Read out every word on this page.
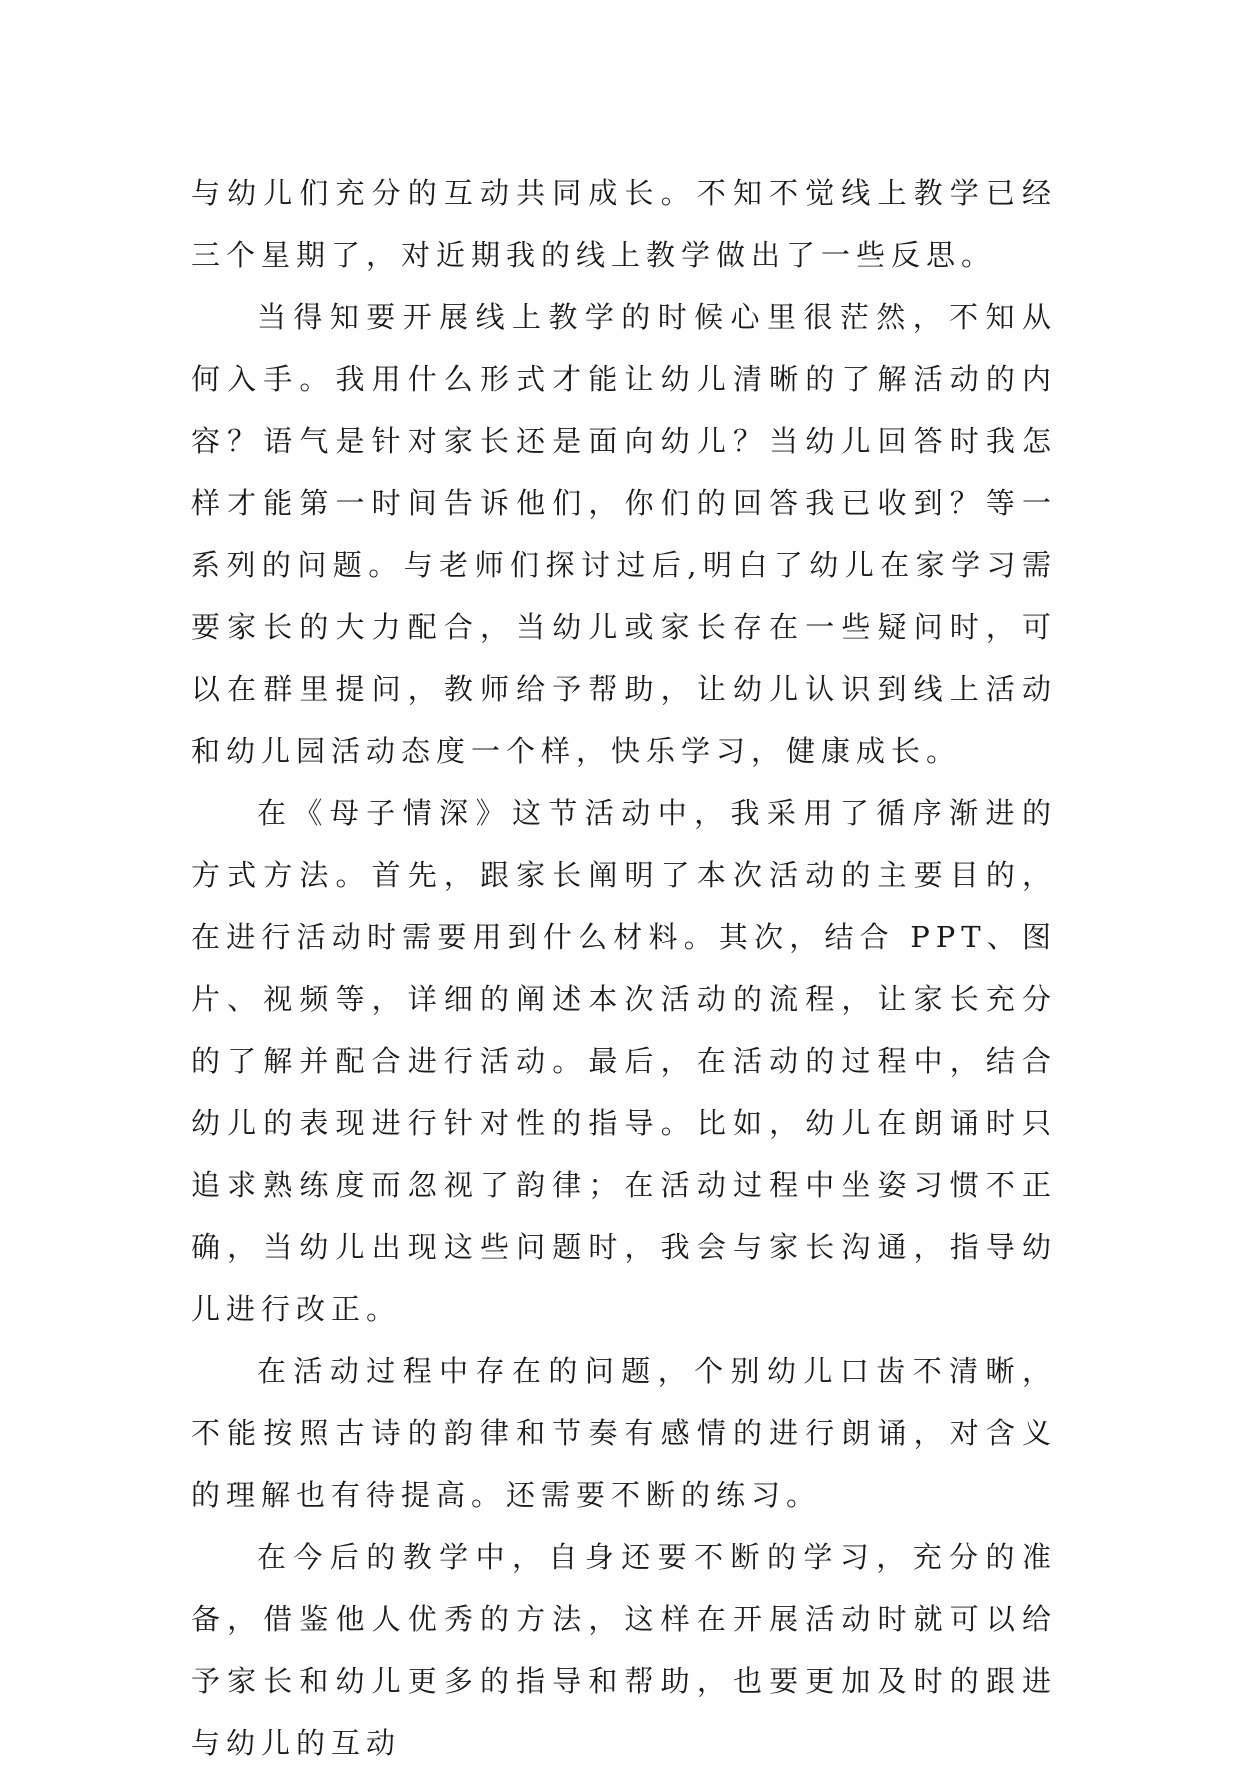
与幼儿们充分的互动共同成长。不知不觉线上教学已经三个星期了，对近期我的线上教学做出了一些反思。

当得知要开展线上教学的时候心里很茫然，不知从何入手。我用什么形式才能让幼儿清晰的了解活动的内容？语气是针对家长还是面向幼儿？当幼儿回答时我怎样才能第一时间告诉他们，你们的回答我已收到？等一系列的问题。与老师们探讨过后,明白了幼儿在家学习需要家长的大力配合，当幼儿或家长存在一些疑问时，可以在群里提问，教师给予帮助，让幼儿认识到线上活动和幼儿园活动态度一个样，快乐学习，健康成长。

在《母子情深》这节活动中，我采用了循序渐进的方式方法。首先，跟家长阐明了本次活动的主要目的，在进行活动时需要用到什么材料。其次，结合 PPT、图片、视频等，详细的阐述本次活动的流程，让家长充分的了解并配合进行活动。最后，在活动的过程中，结合幼儿的表现进行针对性的指导。比如，幼儿在朗诵时只追求熟练度而忽视了韵律；在活动过程中坐姿习惯不正确，当幼儿出现这些问题时，我会与家长沟通，指导幼儿进行改正。

在活动过程中存在的问题，个别幼儿口齿不清晰，不能按照古诗的韵律和节奏有感情的进行朗诵，对含义的理解也有待提高。还需要不断的练习。

在今后的教学中，自身还要不断的学习，充分的准备，借鉴他人优秀的方法，这样在开展活动时就可以给予家长和幼儿更多的指导和帮助，也要更加及时的跟进与幼儿的互动
